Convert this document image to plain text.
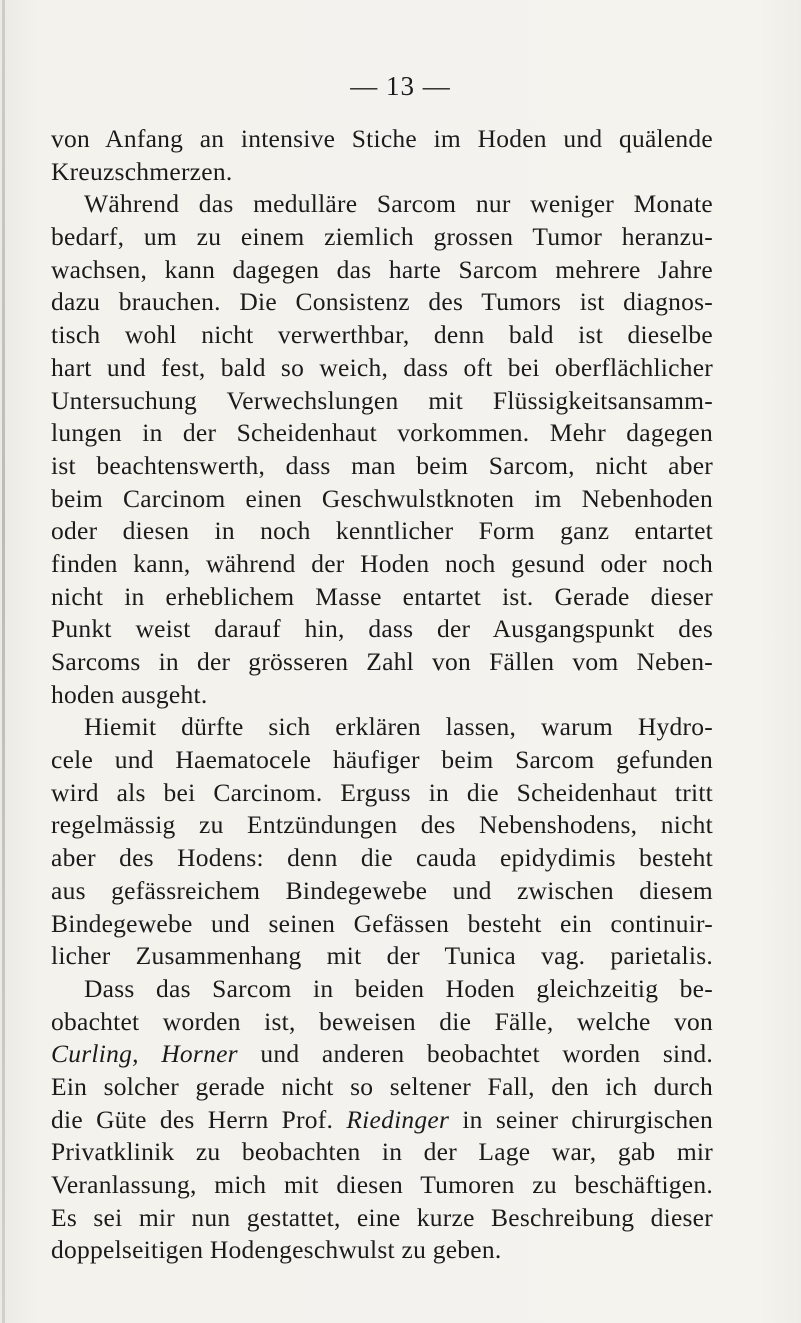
— 13 —
von Anfang an intensive Stiche im Hoden und quälende
Kreuzschmerzen.
Während das medulläre Sarcom nur weniger Monate
bedarf, um zu einem ziemlich grossen Tumor heranzu-
wachsen, kann dagegen das harte Sarcom mehrere Jahre
dazu brauchen. Die Consistenz des Tumors ist diagnos-
tisch wohl nicht verwerthbar, denn bald ist dieselbe
hart und fest, bald so weich, dass oft bei oberflächlicher
Untersuchung Verwechslungen mit Flüssigkeitsansamm-
lungen in der Scheidenhaut vorkommen. Mehr dagegen
ist beachtenswerth, dass man beim Sarcom, nicht aber
beim Carcinom einen Geschwulstknoten im Nebenhoden
oder diesen in noch kenntlicher Form ganz entartet
finden kann, während der Hoden noch gesund oder noch
nicht in erheblichem Masse entartet ist. Gerade dieser
Punkt weist darauf hin, dass der Ausgangspunkt des
Sarcoms in der grösseren Zahl von Fällen vom Neben-
hoden ausgeht.
Hiemit dürfte sich erklären lassen, warum Hydro-
cele und Haematocele häufiger beim Sarcom gefunden
wird als bei Carcinom. Erguss in die Scheidenhaut tritt
regelmässig zu Entzündungen des Nebenshodens, nicht
aber des Hodens: denn die cauda epidydimis besteht
aus gefässreichem Bindegewebe und zwischen diesem
Bindegewebe und seinen Gefässen besteht ein continuir-
licher Zusammenhang mit der Tunica vag. parietalis.
Dass das Sarcom in beiden Hoden gleichzeitig be-
obachtet worden ist, beweisen die Fälle, welche von
Curling, Horner und anderen beobachtet worden sind.
Ein solcher gerade nicht so seltener Fall, den ich durch
die Güte des Herrn Prof. Riedinger in seiner chirurgischen
Privatklinik zu beobachten in der Lage war, gab mir
Veranlassung, mich mit diesen Tumoren zu beschäftigen.
Es sei mir nun gestattet, eine kurze Beschreibung dieser
doppelseitigen Hodengeschwulst zu geben.
